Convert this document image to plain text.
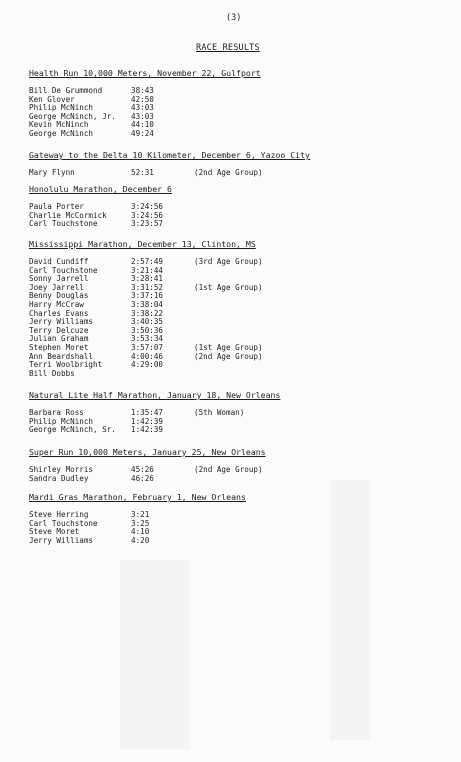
(3)
RACE RESULTS
Health Run 10,000 Meters, November 22, Gulfport
Bill De Grummond	38:43
Ken Glover	42:50
Philip McNinch	43:03
George McNinch, Jr. 43:03
Kevin McNinch	44:10
George McNinch	49:24
Gateway to the Delta 10 Kilometer, December 6, Yazoo City
Mary Flynn	52:31	(2nd Age Group)
Honolulu Marathon, December 6
Paula Porter	3:24:56
Charlie McCormick	3:24:56
Carl Touchstone	3:23:57
Mississippi Marathon, December 13, Clinton, MS
David Cundiff	2:57:49	(3rd Age Group)
Carl Touchstone	3:21:44
Sonny Jarrell	3:28:41
Joey Jarrell	3:31:52	(1st Age Group)
Benny Douglas	3:37:16
Harry McCraw	3:38:04
Charles Evans	3:38:22
Jerry Williams	3:40:35
Terry Delcuze	3:50:36
Julian Graham	3:53:34
Stephen Moret	3:57:07	(1st Age Group)
Ann Beardshall	4:00:46	(2nd Age Group)
Terri Woolbright	4:29:00
Bill Dobbs
Natural Lite Half Marathon, January 18, New Orleans
Barbara Ross	1:35:47	(5th Woman)
Philip McNinch	1:42:39
George McNinch, Sr. 1:42:39
Super Run 10,000 Meters, January 25, New Orleans
Shirley Morris	45:26	(2nd Age Group)
Sandra Dudley	46:26
Mardi Gras Marathon, February 1, New Orleans
Steve Herring	3:21
Carl Touchstone	3:25
Steve Moret	4:10
Jerry Williams	4:20
